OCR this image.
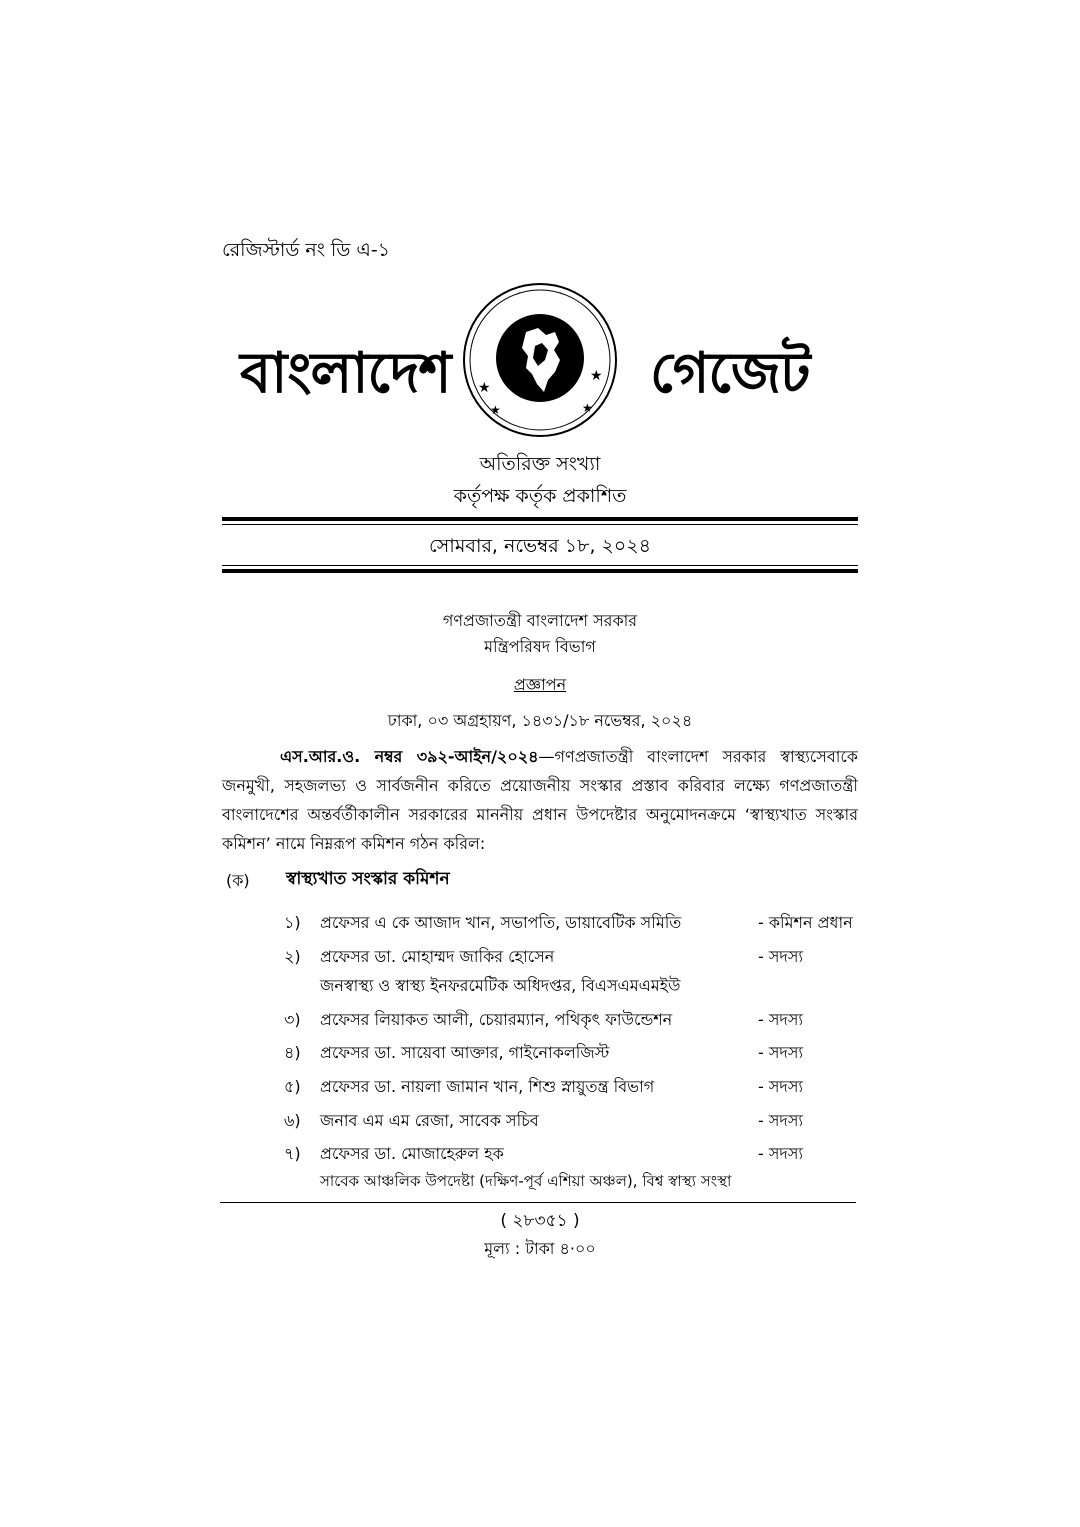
রেজিস্টার্ড নং ডি এ-১
বাংলাদেশ ★
★
★	★
গেজেট
অতিরিক্ত সংখ্যা
কর্তৃপক্ষ কর্তৃক প্রকাশিত
সোমবার, নভেম্বর ১৮, ২০২৪
গণপ্রজাতন্ত্রী বাংলাদেশ সরকার
মন্ত্রিপরিষদ বিভাগ
প্রজ্ঞাপন
ঢাকা, ০৩ অগ্রহায়ণ, ১৪৩১/১৮ নভেম্বর, ২০২৪
এস.আর.ও. নম্বর ৩৯২-আইন/২০২৪—গণপ্রজাতন্ত্রী বাংলাদেশ সরকার স্বাস্থ্যসেবাকে জনমুখী, সহজলভ্য ও সার্বজনীন করিতে প্রয়োজনীয় সংস্কার প্রস্তাব করিবার লক্ষ্যে গণপ্রজাতন্ত্রী বাংলাদেশের অন্তর্বর্তীকালীন সরকারের মাননীয় প্রধান উপদেষ্টার অনুমোদনক্রমে ‘স্বাস্থ্যখাত সংস্কার কমিশন’ নামে নিম্নরূপ কমিশন গঠন করিল:
(ক) স্বাস্থ্যখাত সংস্কার কমিশন
১) প্রফেসর এ কে আজাদ খান, সভাপতি, ডায়াবেটিক সমিতি	- কমিশন প্রধান
২) প্রফেসর ডা. মোহাম্মদ জাকির হোসেন
জনস্বাস্থ্য ও স্বাস্থ্য ইনফরমেটিক অধিদপ্তর, বিএসএমএমইউ
- সদস্য
৩) প্রফেসর লিয়াকত আলী, চেয়ারম্যান, পথিকৃৎ ফাউন্ডেশন	- সদস্য
৪) প্রফেসর ডা. সায়েবা আক্তার, গাইনোকলজিস্ট	- সদস্য
৫) প্রফেসর ডা. নায়লা জামান খান, শিশু স্নায়ুতন্ত্র বিভাগ	- সদস্য
৬) জনাব এম এম রেজা, সাবেক সচিব	- সদস্য
৭) প্রফেসর ডা. মোজাহেরুল হক
সাবেক আঞ্চলিক উপদেষ্টা (দক্ষিণ-পূর্ব এশিয়া অঞ্চল), বিশ্ব স্বাস্থ্য সংস্থা
- সদস্য
( ২৮৩৫১ )
মূল্য : টাকা ৪·০০
